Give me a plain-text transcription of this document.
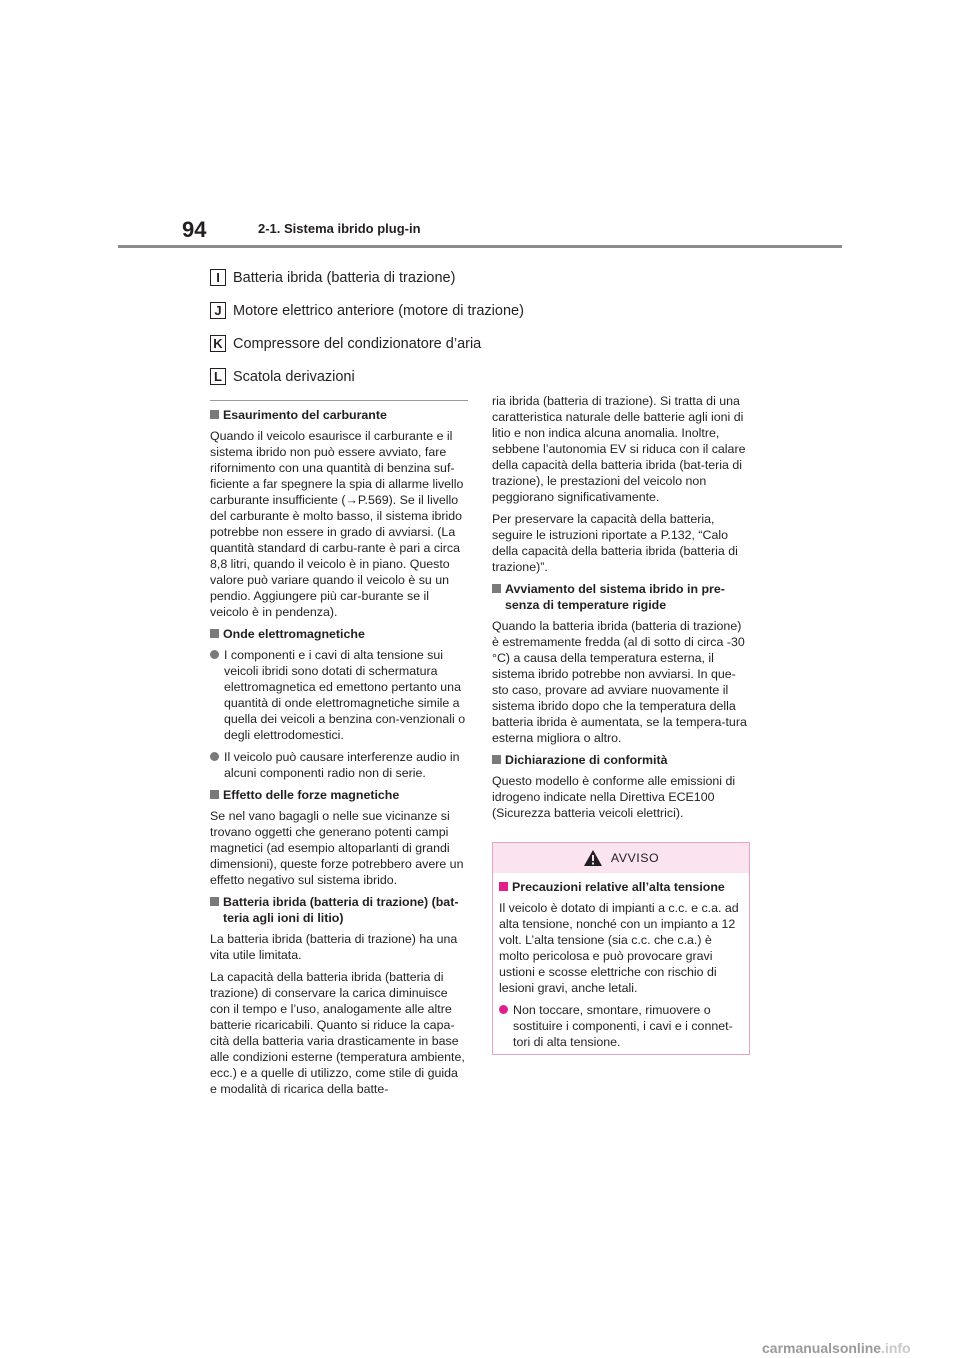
94	2-1. Sistema ibrido plug-in
I Batteria ibrida (batteria di trazione)
J Motore elettrico anteriore (motore di trazione)
K Compressore del condizionatore d’aria
L Scatola derivazioni
Esaurimento del carburante

Quando il veicolo esaurisce il carburante e il sistema ibrido non può essere avviato, fare rifornimento con una quantità di benzina suf-ficiente a far spegnere la spia di allarme livello carburante insufficiente (→P.569). Se il livello del carburante è molto basso, il sistema ibrido potrebbe non essere in grado di avviarsi. (La quantità standard di carbu-rante è pari a circa 8,8 litri, quando il veicolo è in piano. Questo valore può variare quando il veicolo è su un pendio. Aggiungere più car-burante se il veicolo è in pendenza).

Onde elettromagnetiche
I componenti e i cavi di alta tensione sui veicoli ibridi sono dotati di schermatura elettromagnetica ed emettono pertanto una quantità di onde elettromagnetiche simile a quella dei veicoli a benzina con-venzionali o degli elettrodomestici.
Il veicolo può causare interferenze audio in alcuni componenti radio non di serie.
Effetto delle forze magnetiche

Se nel vano bagagli o nelle sue vicinanze si trovano oggetti che generano potenti campi magnetici (ad esempio altoparlanti di grandi dimensioni), queste forze potrebbero avere un effetto negativo sul sistema ibrido.

Batteria ibrida (batteria di trazione) (bat-teria agli ioni di litio)

La batteria ibrida (batteria di trazione) ha una vita utile limitata.

La capacità della batteria ibrida (batteria di trazione) di conservare la carica diminuisce con il tempo e l’uso, analogamente alle altre batterie ricaricabili. Quanto si riduce la capa-cità della batteria varia drasticamente in base alle condizioni esterne (temperatura ambiente, ecc.) e a quelle di utilizzo, come stile di guida e modalità di ricarica della batte-

ria ibrida (batteria di trazione). Si tratta di una caratteristica naturale delle batterie agli ioni di litio e non indica alcuna anomalia. Inoltre, sebbene l’autonomia EV si riduca con il calare della capacità della batteria ibrida (bat-teria di trazione), le prestazioni del veicolo non peggiorano significativamente.

Per preservare la capacità della batteria, seguire le istruzioni riportate a P.132, “Calo della capacità della batteria ibrida (batteria di trazione)”.

Avviamento del sistema ibrido in pre-senza di temperature rigide

Quando la batteria ibrida (batteria di trazione) è estremamente fredda (al di sotto di circa -30 °C) a causa della temperatura esterna, il sistema ibrido potrebbe non avviarsi. In que-sto caso, provare ad avviare nuovamente il sistema ibrido dopo che la temperatura della batteria ibrida è aumentata, se la tempera-tura esterna migliora o altro.

Dichiarazione di conformità

Questo modello è conforme alle emissioni di idrogeno indicate nella Direttiva ECE100 (Sicurezza batteria veicoli elettrici).

AVVISO
Precauzioni relative all’alta tensione

Il veicolo è dotato di impianti a c.c. e c.a. ad alta tensione, nonché con un impianto a 12 volt. L’alta tensione (sia c.c. che c.a.) è molto pericolosa e può provocare gravi ustioni e scosse elettriche con rischio di lesioni gravi, anche letali.

Non toccare, smontare, rimuovere o sostituire i componenti, i cavi e i connet-tori di alta tensione.
carmanualsonline.info
